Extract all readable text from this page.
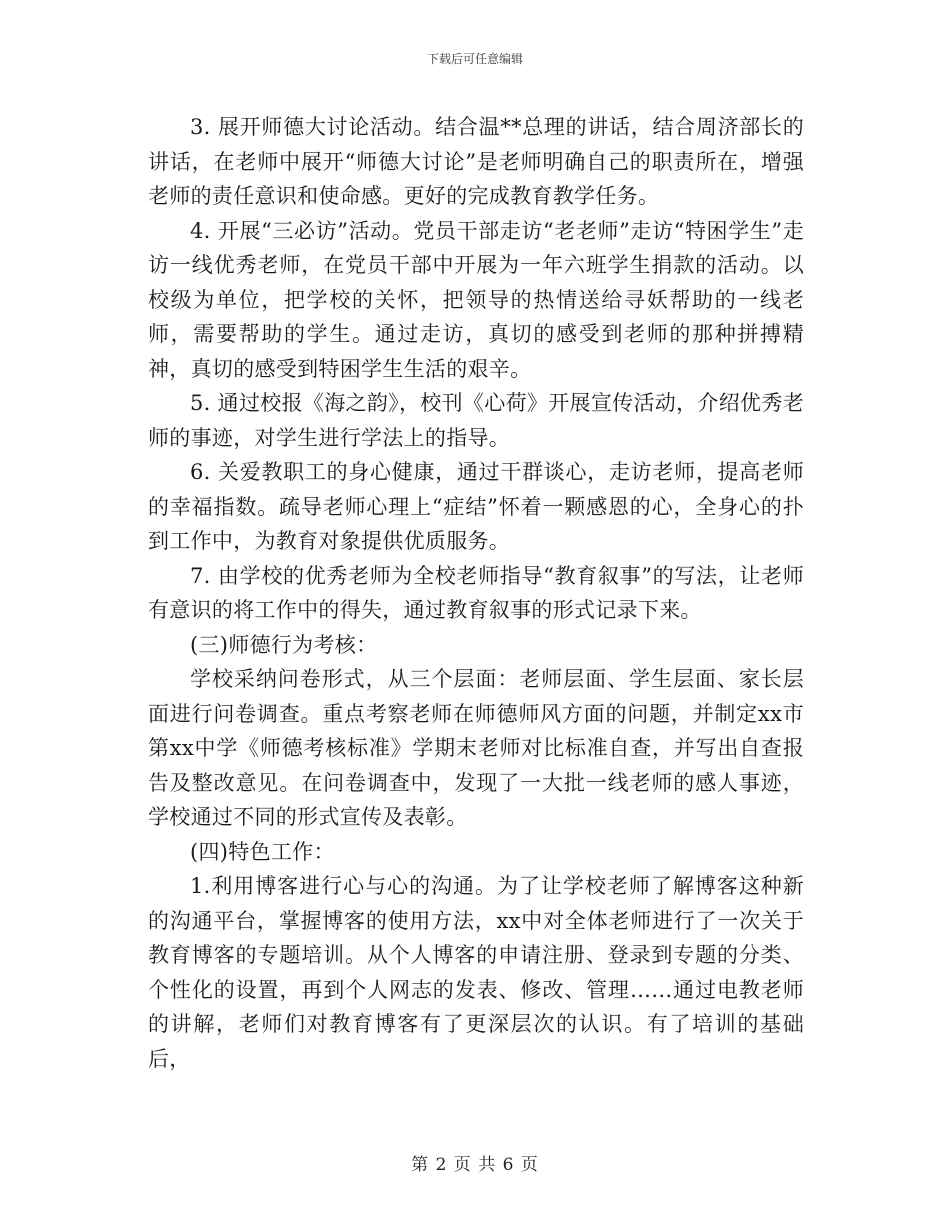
下载后可任意编辑

3. 展开师德大讨论活动。结合温**总理的讲话，结合周济部长的讲话，在老师中展开“师德大讨论”是老师明确自己的职责所在，增强老师的责任意识和使命感。更好的完成教育教学任务。

4. 开展“三必访”活动。党员干部走访“老老师”走访“特困学生”走访一线优秀老师，在党员干部中开展为一年六班学生捐款的活动。以校级为单位，把学校的关怀，把领导的热情送给寻妖帮助的一线老师，需要帮助的学生。通过走访，真切的感受到老师的那种拼搏精神，真切的感受到特困学生生活的艰辛。

5. 通过校报《海之韵》，校刊《心荷》开展宣传活动，介绍优秀老师的事迹，对学生进行学法上的指导。

6. 关爱教职工的身心健康，通过干群谈心，走访老师，提高老师的幸福指数。疏导老师心理上“症结”怀着一颗感恩的心，全身心的扑到工作中，为教育对象提供优质服务。

7. 由学校的优秀老师为全校老师指导“教育叙事”的写法，让老师有意识的将工作中的得失，通过教育叙事的形式记录下来。

(三)师德行为考核：

学校采纳问卷形式，从三个层面：老师层面、学生层面、家长层面进行问卷调查。重点考察老师在师德师风方面的问题，并制定xx市第xx中学《师德考核标准》学期末老师对比标准自查，并写出自查报告及整改意见。在问卷调查中，发现了一大批一线老师的感人事迹，学校通过不同的形式宣传及表彰。

(四)特色工作：

1.利用博客进行心与心的沟通。为了让学校老师了解博客这种新的沟通平台，掌握博客的使用方法，xx中对全体老师进行了一次关于教育博客的专题培训。从个人博客的申请注册、登录到专题的分类、个性化的设置，再到个人网志的发表、修改、管理……通过电教老师的讲解，老师们对教育博客有了更深层次的认识。有了培训的基础后，

第 2 页 共 6 页
